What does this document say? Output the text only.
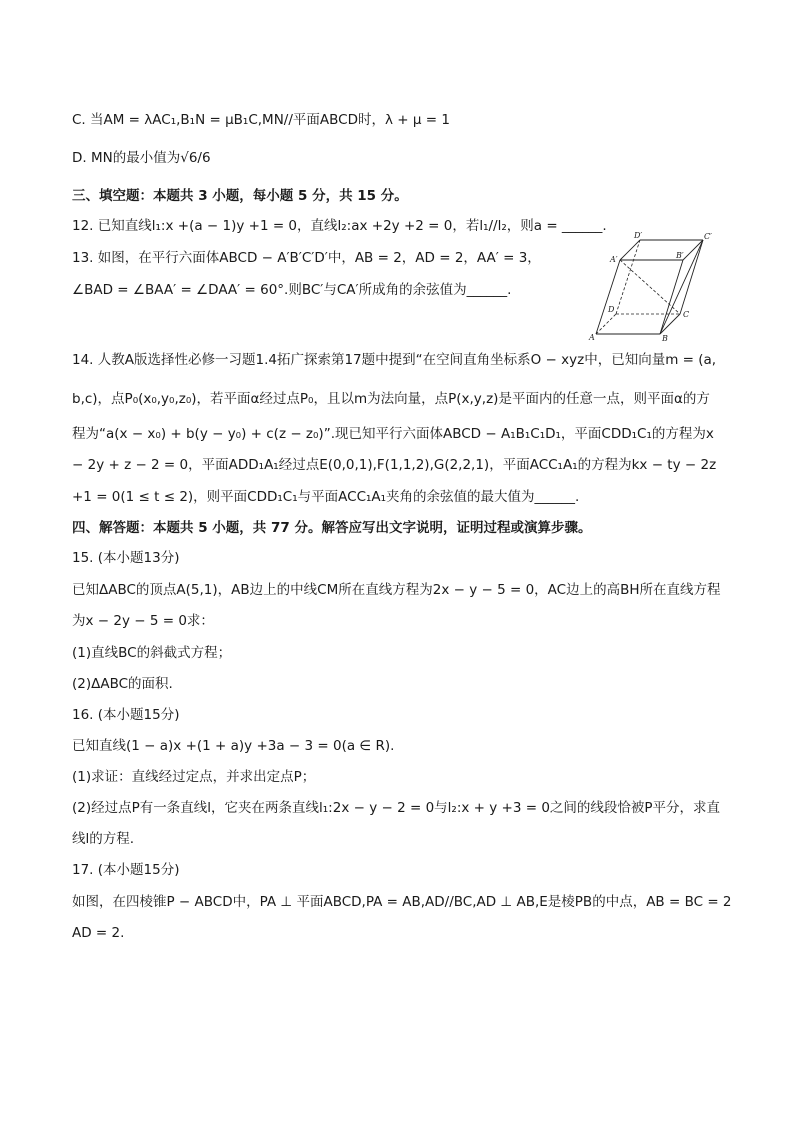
C. 当AM = λAC₁,B₁N = μB₁C,MN//平面ABCD时，λ + μ = 1
D. MN的最小值为√6/6
三、填空题：本题共 3 小题，每小题 5 分，共 15 分。
12. 已知直线l₁:x +(a − 1)y +1 = 0，直线l₂:ax +2y +2 = 0，若l₁//l₂，则a = ______.
13. 如图，在平行六面体ABCD − A′B′C′D′中，AB = 2，AD = 2，AA′ = 3，
∠BAD = ∠BAA′ = ∠DAA′ = 60°.则BC′与CA′所成角的余弦值为______.
14. 人教A版选择性必修一习题1.4拓广探索第17题中提到“在空间直角坐标系O − xyz中，已知向量m = (a,
b,c)，点P₀(x₀,y₀,z₀)，若平面α经过点P₀，且以m为法向量，点P(x,y,z)是平面内的任意一点，则平面α的方
程为“a(x − x₀) + b(y − y₀) + c(z − z₀)”.现已知平行六面体ABCD − A₁B₁C₁D₁，平面CDD₁C₁的方程为x
− 2y + z − 2 = 0，平面ADD₁A₁经过点E(0,0,1),F(1,1,2),G(2,2,1)，平面ACC₁A₁的方程为kx − ty − 2z
+1 = 0(1 ≤ t ≤ 2)，则平面CDD₁C₁与平面ACC₁A₁夹角的余弦值的最大值为______.
四、解答题：本题共 5 小题，共 77 分。解答应写出文字说明，证明过程或演算步骤。
15. (本小题13分)
已知ΔABC的顶点A(5,1)，AB边上的中线CM所在直线方程为2x − y − 5 = 0，AC边上的高BH所在直线方程
为x − 2y − 5 = 0求：
(1)直线BC的斜截式方程；
(2)ΔABC的面积.
16. (本小题15分)
已知直线(1 − a)x +(1 + a)y +3a − 3 = 0(a ∈ R).
(1)求证：直线经过定点，并求出定点P；
(2)经过点P有一条直线l，它夹在两条直线l₁:2x − y − 2 = 0与l₂:x + y +3 = 0之间的线段恰被P平分，求直
线l的方程.
17. (本小题15分)
如图，在四棱锥P − ABCD中，PA ⊥ 平面ABCD,PA = AB,AD//BC,AD ⊥ AB,E是棱PB的中点，AB = BC = 2
AD = 2.
D′	C′
A′	B′
D
C
A	B
